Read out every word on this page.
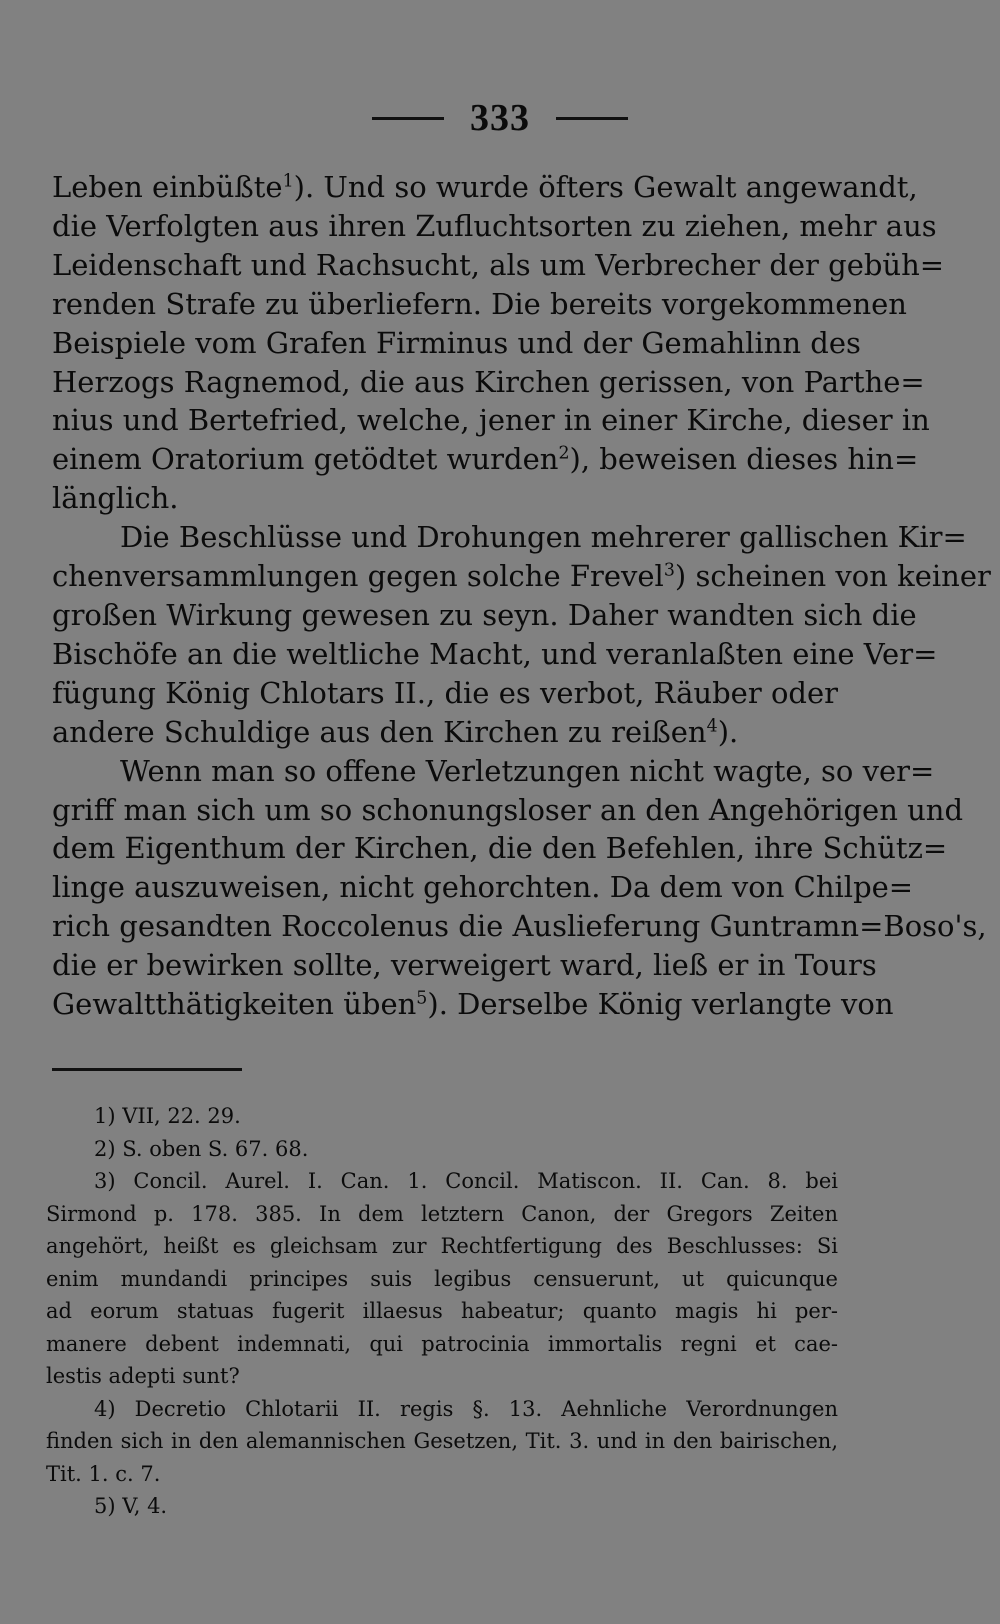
333
Leben einbüßte$^1$). Und so wurde öfters Gewalt angewandt,
die Verfolgten aus ihren Zufluchtsorten zu ziehen, mehr aus
Leidenschaft und Rachsucht, als um Verbrecher der gebüh=
renden Strafe zu überliefern. Die bereits vorgekommenen
Beispiele vom Grafen Firminus und der Gemahlinn des
Herzogs Ragnemod, die aus Kirchen gerissen, von Parthe=
nius und Bertefried, welche, jener in einer Kirche, dieser in
einem Oratorium getödtet wurden$^2$), beweisen dieses hin=
länglich.
Die Beschlüsse und Drohungen mehrerer gallischen Kir=
chenversammlungen gegen solche Frevel$^3$) scheinen von keiner
großen Wirkung gewesen zu seyn. Daher wandten sich die
Bischöfe an die weltliche Macht, und veranlaßten eine Ver=
fügung König Chlotars II., die es verbot, Räuber oder
andere Schuldige aus den Kirchen zu reißen$^4$).
Wenn man so offene Verletzungen nicht wagte, so ver=
griff man sich um so schonungsloser an den Angehörigen und
dem Eigenthum der Kirchen, die den Befehlen, ihre Schütz=
linge auszuweisen, nicht gehorchten. Da dem von Chilpe=
rich gesandten Roccolenus die Auslieferung Guntramn=Boso's,
die er bewirken sollte, verweigert ward, ließ er in Tours
Gewaltthätigkeiten üben$^5$). Derselbe König verlangte von
1) VII, 22. 29.
2) S. oben S. 67. 68.
3) Concil. Aurel. I. Can. 1. Concil. Matiscon. II. Can. 8. bei
Sirmond p. 178. 385. In dem letztern Canon, der Gregors Zeiten
angehört, heißt es gleichsam zur Rechtfertigung des Beschlusses: Si
enim mundandi principes suis legibus censuerunt, ut quicunque
ad eorum statuas fugerit illaesus habeatur; quanto magis hi per-
manere debent indemnati, qui patrocinia immortalis regni et cae-
lestis adepti sunt?
4) Decretio Chlotarii II. regis §. 13. Aehnliche Verordnungen
finden sich in den alemannischen Gesetzen, Tit. 3. und in den bairischen,
Tit. 1. c. 7.
5) V, 4.
